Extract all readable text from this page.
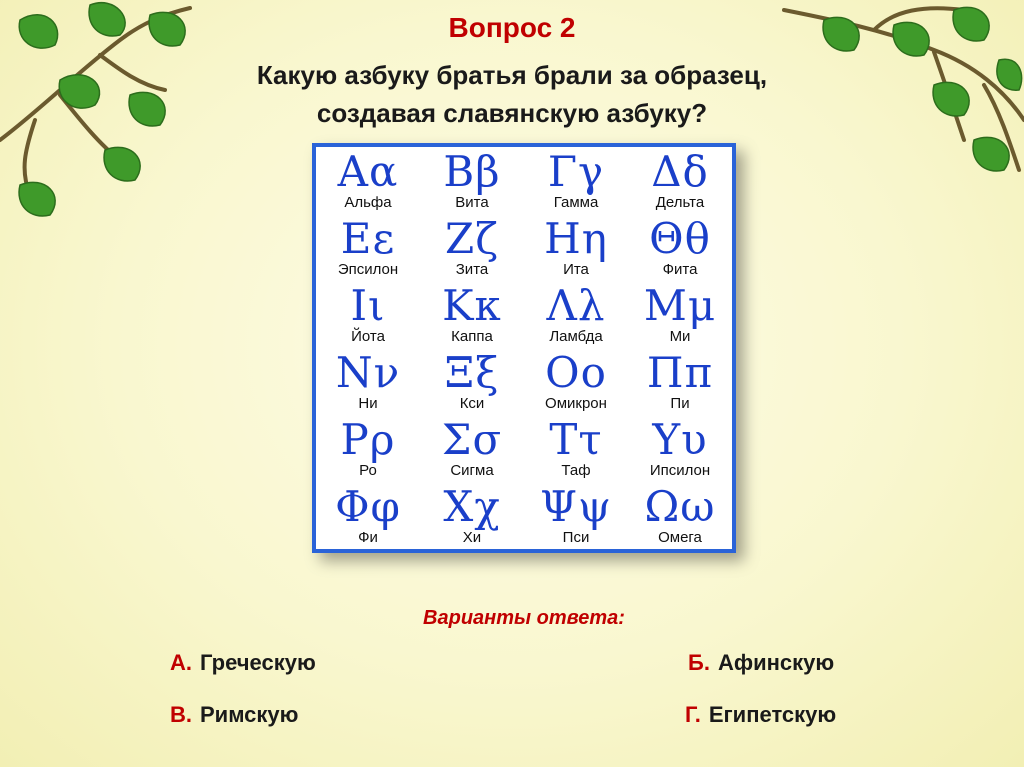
Вопрос 2
Какую азбуку братья брали за образец,
создавая славянскую азбуку?
Αα
Альфа
Ββ
Вита
Γγ
Гамма
Δδ
Дельта
Εε
Эпсилон
Ζζ
Зита
Ηη
Ита
Θθ
Фита
Ιι
Йота
Κκ
Каппа
Λλ
Ламбда
Μμ
Ми
Νν
Ни
Ξξ
Кси
Οο
Омикрон
Ππ
Пи
Ρρ
Ро
Σσ
Сигма
Ττ
Таф
Υυ
Ипсилон
Φφ
Фи
Χχ
Хи
Ψψ
Пси
Ωω
Омега
Варианты ответа:
А. Греческую	Б. Афинскую
В. Римскую	Г. Египетскую
